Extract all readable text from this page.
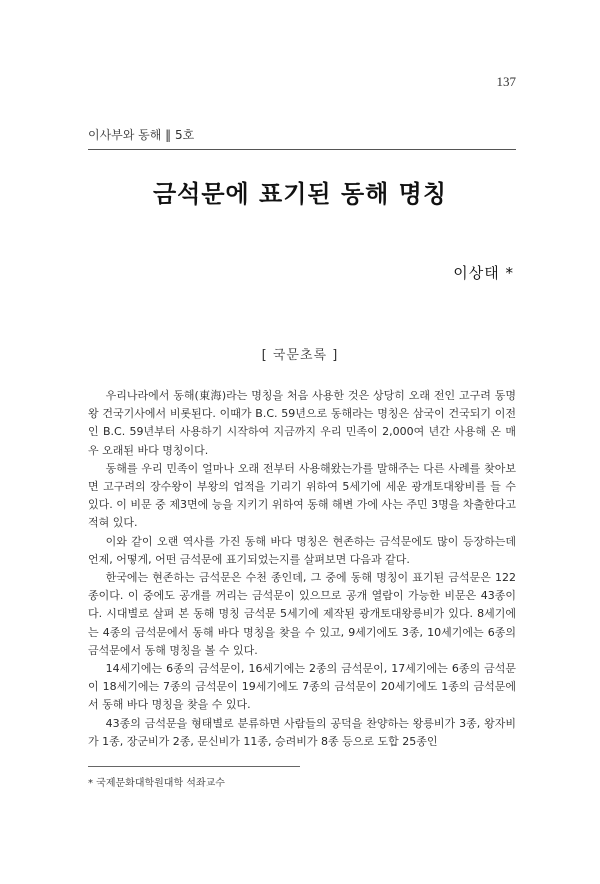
137
이사부와 동해 ‖ 5호
금석문에 표기된 동해 명칭
이상태 *
[ 국문초록 ]

우리나라에서 동해(東海)라는 명칭을 처음 사용한 것은 상당히 오래 전인 고구려 동명왕 건국기사에서 비롯된다. 이때가 B.C. 59년으로 동해라는 명칭은 삼국이 건국되기 이전인 B.C. 59년부터 사용하기 시작하여 지금까지 우리 민족이 2,000여 년간 사용해 온 매우 오래된 바다 명칭이다.

동해를 우리 민족이 얼마나 오래 전부터 사용해왔는가를 말해주는 다른 사례를 찾아보면 고구려의 장수왕이 부왕의 업적을 기리기 위하여 5세기에 세운 광개토대왕비를 들 수 있다. 이 비문 중 제3면에 능을 지키기 위하여 동해 해변 가에 사는 주민 3명을 차출한다고 적혀 있다.

이와 같이 오랜 역사를 가진 동해 바다 명칭은 현존하는 금석문에도 많이 등장하는데 언제, 어떻게, 어떤 금석문에 표기되었는지를 살펴보면 다음과 같다.

한국에는 현존하는 금석문은 수천 종인데, 그 중에 동해 명칭이 표기된 금석문은 122종이다. 이 중에도 공개를 꺼리는 금석문이 있으므로 공개 열람이 가능한 비문은 43종이다. 시대별로 살펴 본 동해 명칭 금석문 5세기에 제작된 광개토대왕릉비가 있다. 8세기에는 4종의 금석문에서 동해 바다 명칭을 찾을 수 있고, 9세기에도 3종, 10세기에는 6종의 금석문에서 동해 명칭을 볼 수 있다.

14세기에는 6종의 금석문이, 16세기에는 2종의 금석문이, 17세기에는 6종의 금석문이 18세기에는 7종의 금석문이 19세기에도 7종의 금석문이 20세기에도 1종의 금석문에서 동해 바다 명칭을 찾을 수 있다.

43종의 금석문을 형태별로 분류하면 사람들의 공덕을 찬양하는 왕릉비가 3종, 왕자비가 1종, 장군비가 2종, 문신비가 11종, 승려비가 8종 등으로 도합 25종인

* 국제문화대학원대학 석좌교수
